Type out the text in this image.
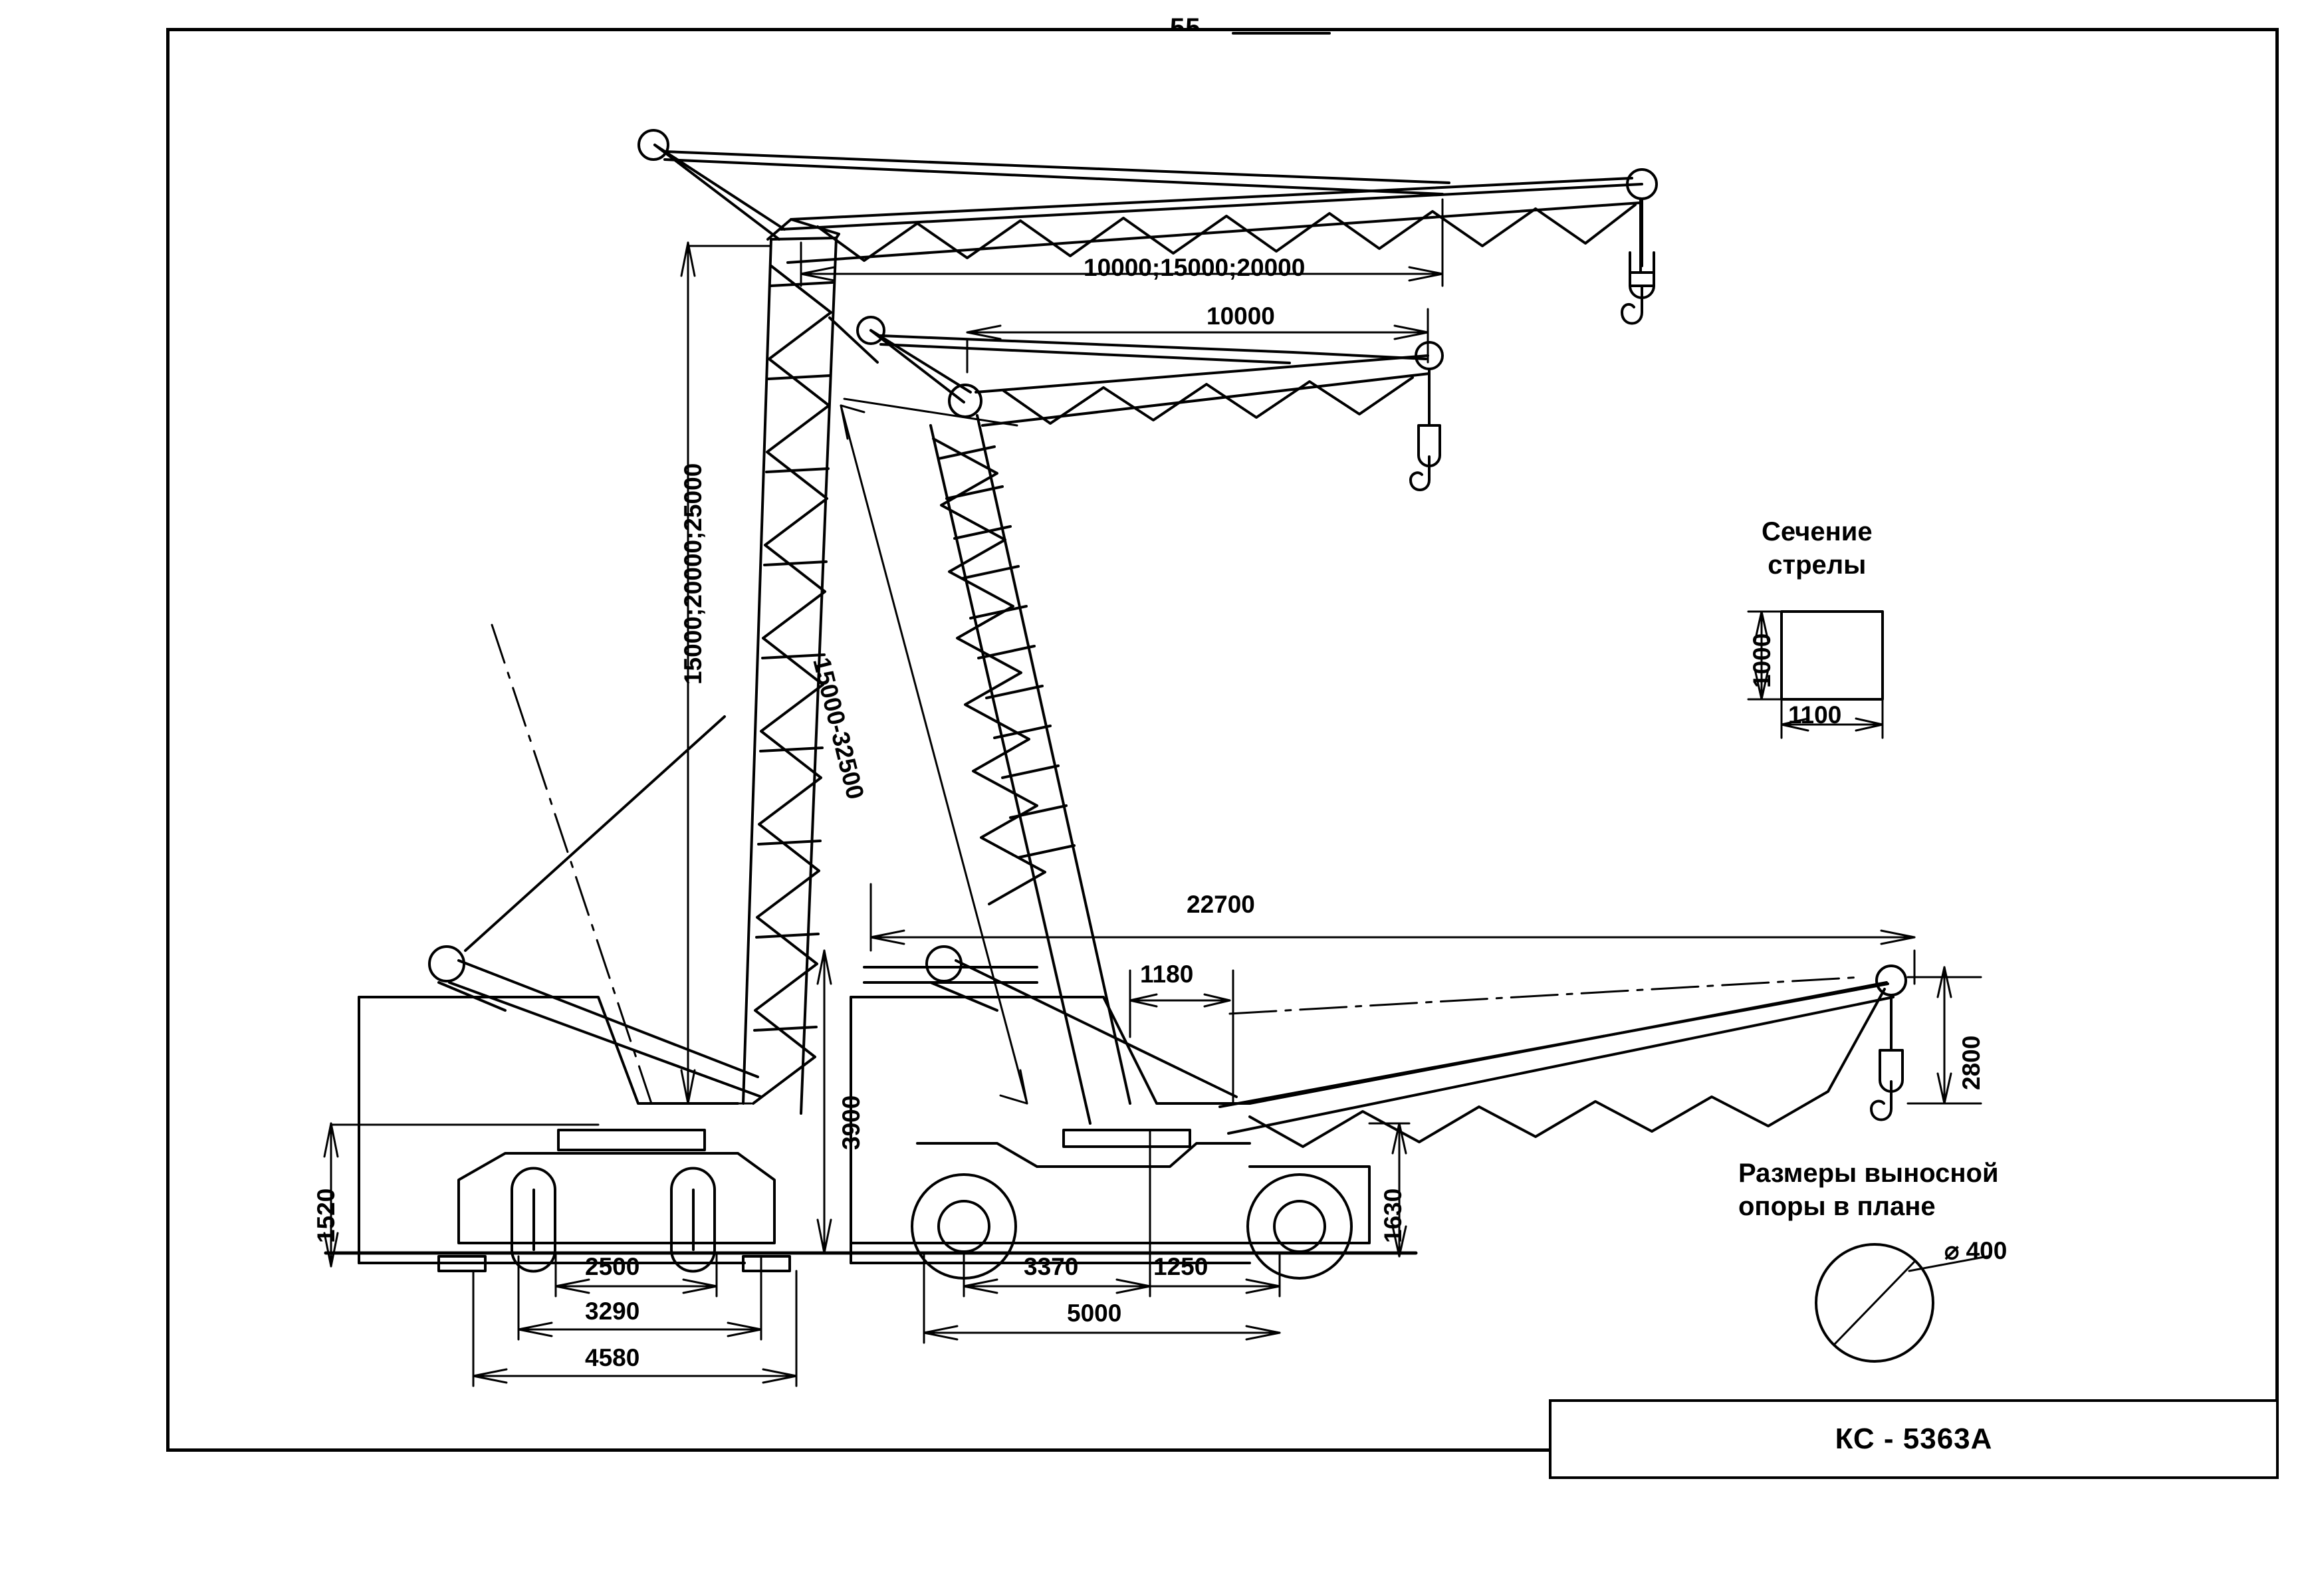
10000;15000;20000
10000
15000;20000;25000
15000-32500
3900
1520
2500
3290
4580
22700
1180
2800
1630
3370	1250
5000
Сечение
стрелы
1000
1100
Размеры выносной
опоры в плане
⌀ 400
КС - 5363А
